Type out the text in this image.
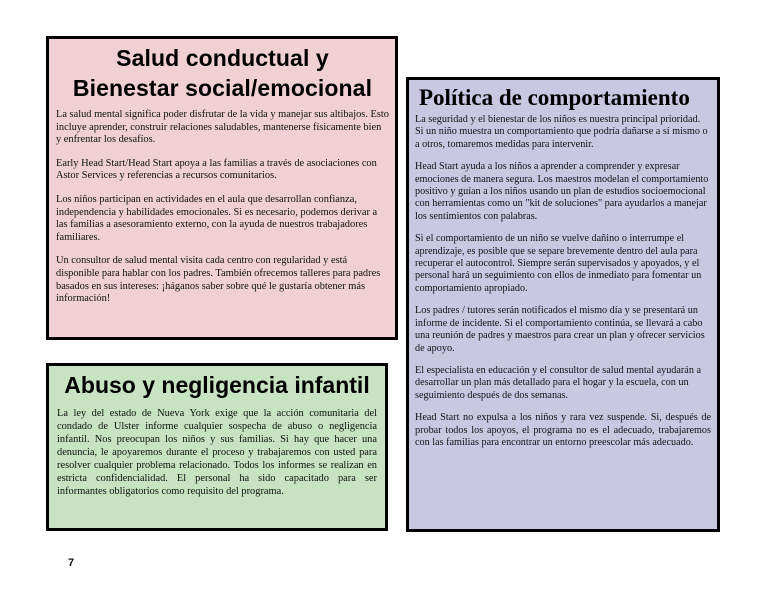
Salud conductual y
Bienestar social/emocional

La salud mental significa poder disfrutar de la vida y manejar sus altibajos. Esto incluye aprender, construir relaciones saludables, mantenerse físicamente bien y enfrentar los desafíos.

Early Head Start/Head Start apoya a las familias a través de asociaciones con Astor Services y referencias a recursos comunitarios.

Los niños participan en actividades en el aula que desarrollan confianza, independencia y habilidades emocionales. Si es necesario, podemos derivar a las familias a asesoramiento externo, con la ayuda de nuestros trabajadores familiares.

Un consultor de salud mental visita cada centro con regularidad y está disponible para hablar con los padres. También ofrecemos talleres para padres basados en sus intereses: ¡háganos saber sobre qué le gustaría obtener más información!

Abuso y negligencia infantil

La ley del estado de Nueva York exige que la acción comunitaria del condado de Ulster informe cualquier sospecha de abuso o negligencia infantil. Nos preocupan los niños y sus familias. Si hay que hacer una denuncia, le apoyaremos durante el proceso y trabajaremos con usted para resolver cualquier problema relacionado. Todos los informes se realizan en estricta confidencialidad. El personal ha sido capacitado para ser informantes obligatorios como requisito del programa.

Política de comportamiento

La seguridad y el bienestar de los niños es nuestra principal prioridad. Si un niño muestra un comportamiento que podría dañarse a sí mismo o a otros, tomaremos medidas para intervenir.

Head Start ayuda a los niños a aprender a comprender y expresar emociones de manera segura. Los maestros modelan el comportamiento positivo y guían a los niños usando un plan de estudios socioemocional con herramientas como un "kit de soluciones" para ayudarlos a manejar los sentimientos con palabras.

Si el comportamiento de un niño se vuelve dañino o interrumpe el aprendizaje, es posible que se separe brevemente dentro del aula para recuperar el autocontrol. Siempre serán supervisados y apoyados, y el personal hará un seguimiento con ellos de inmediato para fomentar un comportamiento apropiado.

Los padres / tutores serán notificados el mismo día y se presentará un informe de incidente. Si el comportamiento continúa, se llevará a cabo una reunión de padres y maestros para crear un plan y ofrecer servicios de apoyo.

El especialista en educación y el consultor de salud mental ayudarán a desarrollar un plan más detallado para el hogar y la escuela, con un seguimiento después de dos semanas.

Head Start no expulsa a los niños y rara vez suspende. Si, después de probar todos los apoyos, el programa no es el adecuado, trabajaremos con las familias para encontrar un entorno preescolar más adecuado.

7
